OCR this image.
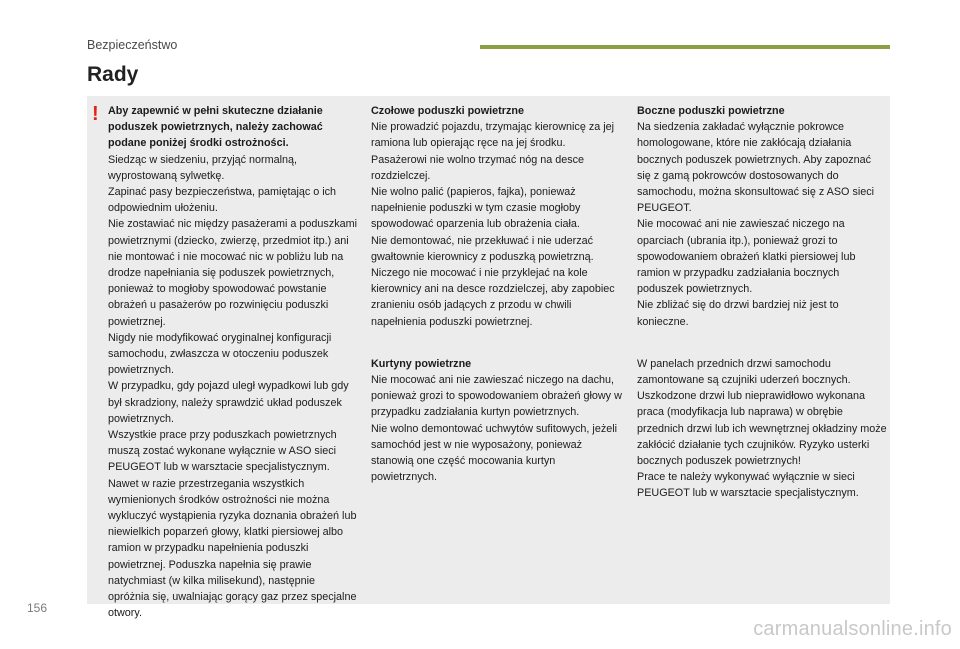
Bezpieczeństwo
Rady
! Aby zapewnić w pełni skuteczne działanie poduszek powietrznych, należy zachować podane poniżej środki ostrożności.

Siedząc w siedzeniu, przyjąć normalną, wyprostowaną sylwetkę.

Zapinać pasy bezpieczeństwa, pamiętając o ich odpowiednim ułożeniu.

Nie zostawiać nic między pasażerami a poduszkami powietrznymi (dziecko, zwierzę, przedmiot itp.) ani nie montować i nie mocować nic w pobliżu lub na drodze napełniania się poduszek powietrznych, ponieważ to mogłoby spowodować powstanie obrażeń u pasażerów po rozwinięciu poduszki powietrznej.

Nigdy nie modyfikować oryginalnej konfiguracji samochodu, zwłaszcza w otoczeniu poduszek powietrznych.

W przypadku, gdy pojazd uległ wypadkowi lub gdy był skradziony, należy sprawdzić układ poduszek powietrznych.

Wszystkie prace przy poduszkach powietrznych muszą zostać wykonane wyłącznie w ASO sieci PEUGEOT lub w warsztacie specjalistycznym.

Nawet w razie przestrzegania wszystkich wymienionych środków ostrożności nie można wykluczyć wystąpienia ryzyka doznania obrażeń lub niewielkich poparzeń głowy, klatki piersiowej albo ramion w przypadku napełnienia poduszki powietrznej. Poduszka napełnia się prawie natychmiast (w kilka milisekund), następnie opróżnia się, uwalniając gorący gaz przez specjalne otwory.

Czołowe poduszki powietrzne

Nie prowadzić pojazdu, trzymając kierownicę za jej ramiona lub opierając ręce na jej środku.

Pasażerowi nie wolno trzymać nóg na desce rozdzielczej.

Nie wolno palić (papieros, fajka), ponieważ napełnienie poduszki w tym czasie mogłoby spowodować oparzenia lub obrażenia ciała.

Nie demontować, nie przekłuwać i nie uderzać gwałtownie kierownicy z poduszką powietrzną.

Niczego nie mocować i nie przyklejać na kole kierownicy ani na desce rozdzielczej, aby zapobiec zranieniu osób jadących z przodu w chwili napełnienia poduszki powietrznej.

Kurtyny powietrzne

Nie mocować ani nie zawieszać niczego na dachu, ponieważ grozi to spowodowaniem obrażeń głowy w przypadku zadziałania kurtyn powietrznych.

Nie wolno demontować uchwytów sufitowych, jeżeli samochód jest w nie wyposażony, ponieważ stanowią one część mocowania kurtyn powietrznych.

Boczne poduszki powietrzne

Na siedzenia zakładać wyłącznie pokrowce homologowane, które nie zakłócają działania bocznych poduszek powietrznych. Aby zapoznać się z gamą pokrowców dostosowanych do samochodu, można skonsultować się z ASO sieci PEUGEOT.

Nie mocować ani nie zawieszać niczego na oparciach (ubrania itp.), ponieważ grozi to spowodowaniem obrażeń klatki piersiowej lub ramion w przypadku zadziałania bocznych poduszek powietrznych.

Nie zbliżać się do drzwi bardziej niż jest to konieczne.

W panelach przednich drzwi samochodu zamontowane są czujniki uderzeń bocznych.

Uszkodzone drzwi lub nieprawidłowo wykonana praca (modyfikacja lub naprawa) w obrębie przednich drzwi lub ich wewnętrznej okładziny może zakłócić działanie tych czujników. Ryzyko usterki bocznych poduszek powietrznych!

Prace te należy wykonywać wyłącznie w sieci PEUGEOT lub w warsztacie specjalistycznym.

156
carmanualsonline.info
